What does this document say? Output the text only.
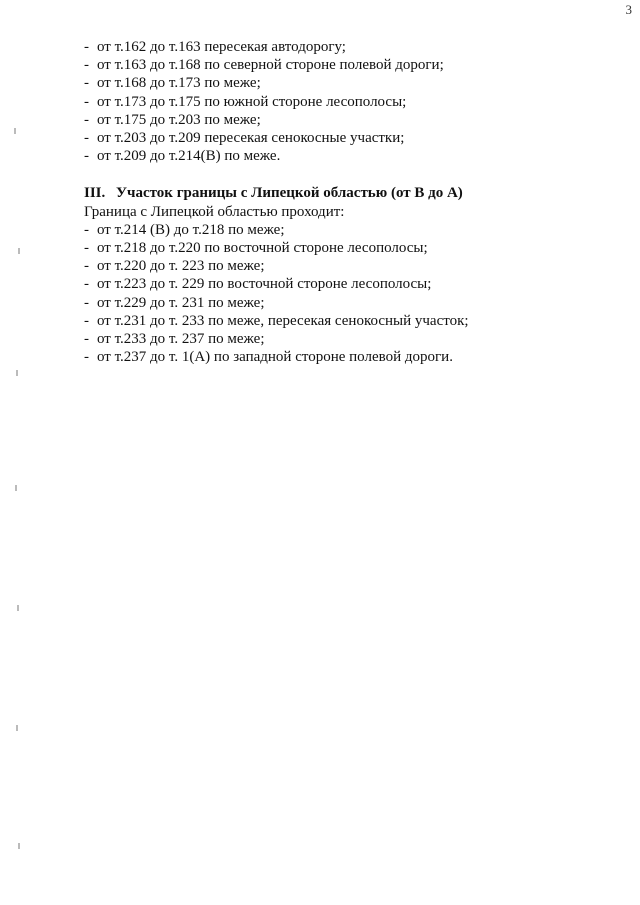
3
- от т.162 до т.163 пересекая автодорогу;
- от т.163 до т.168 по северной стороне полевой дороги;
- от т.168 до т.173 по меже;
- от т.173 до т.175 по южной стороне лесополосы;
- от т.175 до т.203 по меже;
- от т.203 до т.209 пересекая сенокосные участки;
- от т.209 до т.214(В) по меже.
III. Участок границы с Липецкой областью (от В до А)
Граница с Липецкой областью проходит:
- от т.214 (В) до т.218 по меже;
- от т.218 до т.220 по восточной стороне лесополосы;
- от т.220 до т. 223 по меже;
- от т.223 до т. 229 по восточной стороне лесополосы;
- от т.229 до т. 231 по меже;
- от т.231 до т. 233 по меже, пересекая сенокосный участок;
- от т.233 до т. 237 по меже;
- от т.237 до т. 1(А) по западной стороне полевой дороги.
